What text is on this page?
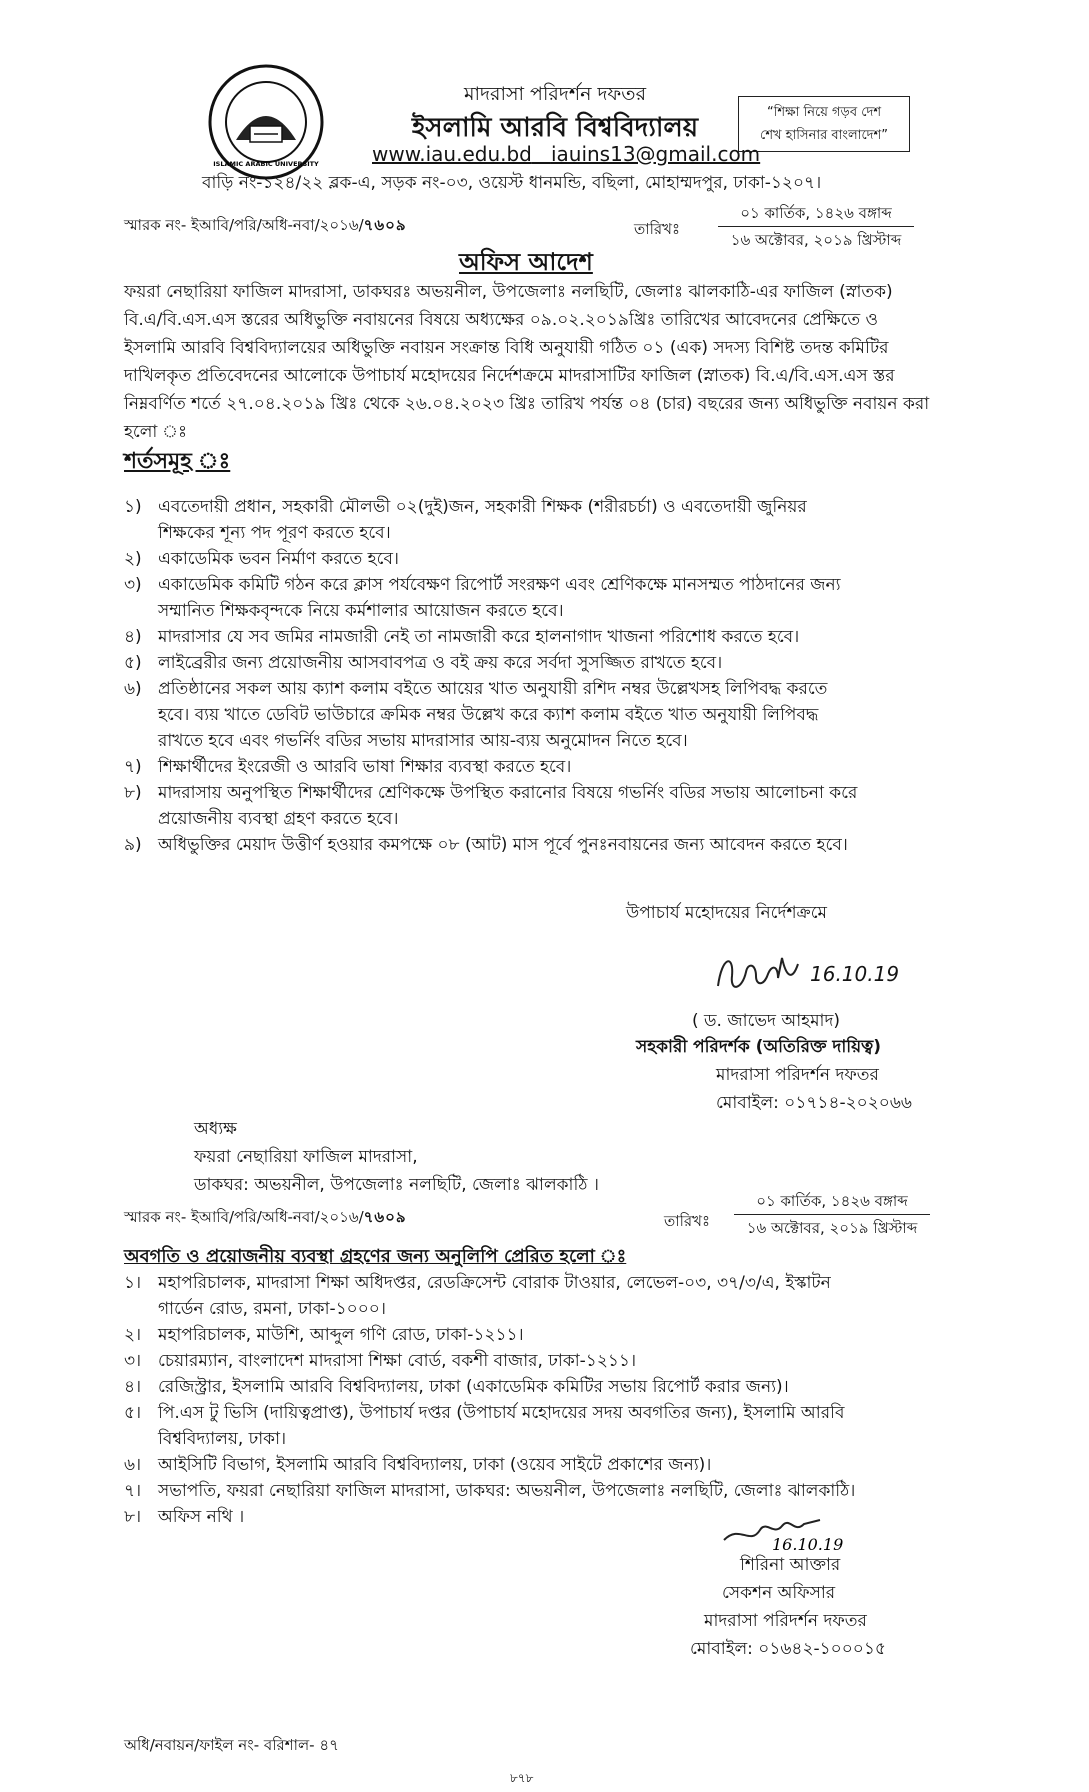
ISLAMIC ARABIC UNIVERSITY
মাদরাসা পরিদর্শন দফতর
ইসলামি আরবি বিশ্ববিদ্যালয়
www.iau.edu.bd iauins13@gmail.com
বাড়ি নং-১২৪/২২ ব্লক-এ, সড়ক নং-০৩, ওয়েস্ট ধানমন্ডি, বছিলা, মোহাম্মদপুর, ঢাকা-১২০৭।
“শিক্ষা নিয়ে গড়ব দেশ
শেখ হাসিনার বাংলাদেশ”
স্মারক নং- ইআবি/পরি/অধি-নবা/২০১৬/৭৬০৯	তারিখঃ
০১ কার্তিক, ১৪২৬ বঙ্গাব্দ
১৬ অক্টোবর, ২০১৯ খ্রিস্টাব্দ
অফিস আদেশ
ফয়রা নেছারিয়া ফাজিল মাদরাসা, ডাকঘরঃ অভয়নীল, উপজেলাঃ নলছিটি, জেলাঃ ঝালকাঠি-এর ফাজিল (স্নাতক)
বি.এ/বি.এস.এস স্তরের অধিভুক্তি নবায়নের বিষয়ে অধ্যক্ষের ০৯.০২.২০১৯খ্রিঃ তারিখের আবেদনের প্রেক্ষিতে ও
ইসলামি আরবি বিশ্ববিদ্যালয়ের অধিভুক্তি নবায়ন সংক্রান্ত বিধি অনুযায়ী গঠিত ০১ (এক) সদস্য বিশিষ্ট তদন্ত কমিটির
দাখিলকৃত প্রতিবেদনের আলোকে উপাচার্য মহোদয়ের নির্দেশক্রমে মাদরাসাটির ফাজিল (স্নাতক) বি.এ/বি.এস.এস স্তর
নিম্নবর্ণিত শর্তে ২৭.০৪.২০১৯ খ্রিঃ থেকে ২৬.০৪.২০২৩ খ্রিঃ তারিখ পর্যন্ত ০৪ (চার) বছরের জন্য অধিভুক্তি নবায়ন করা
হলো ঃ
শর্তসমূহ ঃ
১) এবতেদায়ী প্রধান, সহকারী মৌলভী ০২(দুই)জন, সহকারী শিক্ষক (শরীরচর্চা) ও এবতেদায়ী জুনিয়র
শিক্ষকের শূন্য পদ পূরণ করতে হবে।
২) একাডেমিক ভবন নির্মাণ করতে হবে।
৩) একাডেমিক কমিটি গঠন করে ক্লাস পর্যবেক্ষণ রিপোর্ট সংরক্ষণ এবং শ্রেণিকক্ষে মানসম্মত পাঠদানের জন্য
সম্মানিত শিক্ষকবৃন্দকে নিয়ে কর্মশালার আয়োজন করতে হবে।
৪) মাদরাসার যে সব জমির নামজারী নেই তা নামজারী করে হালনাগাদ খাজনা পরিশোধ করতে হবে।
৫) লাইব্রেরীর জন্য প্রয়োজনীয় আসবাবপত্র ও বই ক্রয় করে সর্বদা সুসজ্জিত রাখতে হবে।
৬) প্রতিষ্ঠানের সকল আয় ক্যাশ কলাম বইতে আয়ের খাত অনুযায়ী রশিদ নম্বর উল্লেখসহ লিপিবদ্ধ করতে
হবে। ব্যয় খাতে ডেবিট ভাউচারে ক্রমিক নম্বর উল্লেখ করে ক্যাশ কলাম বইতে খাত অনুযায়ী লিপিবদ্ধ
রাখতে হবে এবং গভর্নিং বডির সভায় মাদরাসার আয়-ব্যয় অনুমোদন নিতে হবে।
৭) শিক্ষার্থীদের ইংরেজী ও আরবি ভাষা শিক্ষার ব্যবস্থা করতে হবে।
৮) মাদরাসায় অনুপস্থিত শিক্ষার্থীদের শ্রেণিকক্ষে উপস্থিত করানোর বিষয়ে গভর্নিং বডির সভায় আলোচনা করে
প্রয়োজনীয় ব্যবস্থা গ্রহণ করতে হবে।
৯) অধিভুক্তির মেয়াদ উত্তীর্ণ হওয়ার কমপক্ষে ০৮ (আট) মাস পূর্বে পুনঃনবায়নের জন্য আবেদন করতে হবে।
উপাচার্য মহোদয়ের নির্দেশক্রমে
16.10.19
( ড. জাভেদ আহমাদ)
সহকারী পরিদর্শক (অতিরিক্ত দায়িত্ব)
মাদরাসা পরিদর্শন দফতর
মোবাইল: ০১৭১৪-২০২০৬৬
অধ্যক্ষ
ফয়রা নেছারিয়া ফাজিল মাদরাসা,
ডাকঘর: অভয়নীল, উপজেলাঃ নলছিটি, জেলাঃ ঝালকাঠি ।
স্মারক নং- ইআবি/পরি/অধি-নবা/২০১৬/৭৬০৯	তারিখঃ
০১ কার্তিক, ১৪২৬ বঙ্গাব্দ
১৬ অক্টোবর, ২০১৯ খ্রিস্টাব্দ
অবগতি ও প্রয়োজনীয় ব্যবস্থা গ্রহণের জন্য অনুলিপি প্রেরিত হলো ঃ
১। মহাপরিচালক, মাদরাসা শিক্ষা অধিদপ্তর, রেডক্রিসেন্ট বোরাক টাওয়ার, লেভেল-০৩, ৩৭/৩/এ, ইস্কাটন
গার্ডেন রোড, রমনা, ঢাকা-১০০০।
২। মহাপরিচালক, মাউশি, আব্দুল গণি রোড, ঢাকা-১২১১।
৩। চেয়ারম্যান, বাংলাদেশ মাদরাসা শিক্ষা বোর্ড, বকশী বাজার, ঢাকা-১২১১।
৪। রেজিস্ট্রার, ইসলামি আরবি বিশ্ববিদ্যালয়, ঢাকা (একাডেমিক কমিটির সভায় রিপোর্ট করার জন্য)।
৫। পি.এস টু ভিসি (দায়িত্বপ্রাপ্ত), উপাচার্য দপ্তর (উপাচার্য মহোদয়ের সদয় অবগতির জন্য), ইসলামি আরবি
বিশ্ববিদ্যালয়, ঢাকা।
৬। আইসিটি বিভাগ, ইসলামি আরবি বিশ্ববিদ্যালয়, ঢাকা (ওয়েব সাইটে প্রকাশের জন্য)।
৭। সভাপতি, ফয়রা নেছারিয়া ফাজিল মাদরাসা, ডাকঘর: অভয়নীল, উপজেলাঃ নলছিটি, জেলাঃ ঝালকাঠি।
৮। অফিস নথি ।
16.10.19
শিরিনা আক্তার
সেকশন অফিসার
মাদরাসা পরিদর্শন দফতর
মোবাইল: ০১৬৪২-১০০০১৫
অধি/নবায়ন/ফাইল নং- বরিশাল- ৪৭
৮৭৮
